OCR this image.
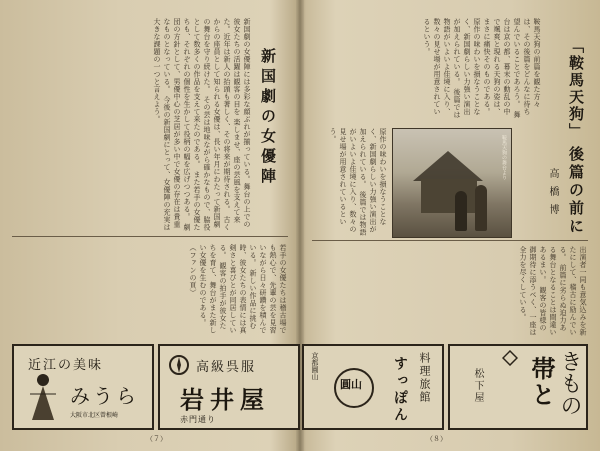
新国劇の女優陣
新国劇の女優陣には多彩な顔ぶれが揃っている。舞台の上での彼女たちの活躍は観客の目を 楽しませ、座の芸風を支えて来た。近年は新人の抬頭も著しく、その将来が期待される。 古くからの座員として知られる女優は、長い年月にわたって新国劇の舞台を守り続けた。 その芸は地味ながら確かなもので、脇役として数多くの作品を支えて来たのである。 また若手の女優たちも、それぞれの個性を生かして役柄の幅を広げつつある。 劇団の方針として、男優中心の芝居が多い中で女優の存在は貴重なものとなっている。 今後の新国劇にとって、女優陣の充実は大きな課題の一つと言えよう。
若手の女優たちは稽古場でも熱心で、先輩の芸を見習いながら日々研鑽を積んでいる。 新しい作品に挑む時、彼女たちの表情には真剣さと喜びとが同居している。 観客の拍手が彼女たちを育て、舞台がまた新しい女優を生むのである。 （ファンの頁）
「鞍馬天狗」
後篇の前に
高橋博
鞍馬天狗の前篇を観た方々は、その後篇をどんなに待ち望んでいることであろう。 舞台は京の都、幕末の動乱の中で颯爽と現れる天狗の姿は、まさに痛快そのものである。 原作の味わいを損なうことなく、新国劇らしい力強い演出が加えられている。 後篇では物語がいよいよ佳境に入り、数々の見せ場が用意されているという。
原作の味わいを損なうことなく、新国劇らしい力強い演出が加えられている。 後篇では物語がいよいよ佳境に入り、数々の見せ場が用意されているという。	鞍馬天狗の舞台より
出演者一同も意気込みを新たにして、稽古に励んでいる。 前篇に劣らぬ迫力ある舞台となることは間違いあるまい。 観客の皆様の御期待に添うべく、一座は全力を尽くしている。
近江の美味
みうら
大阪市北区曾根崎
高級呉服
岩井屋
赤門通り
京都圓山
圓山	料理旅館
すっぽん	松下屋 帯と きもの
（７）	（８）
